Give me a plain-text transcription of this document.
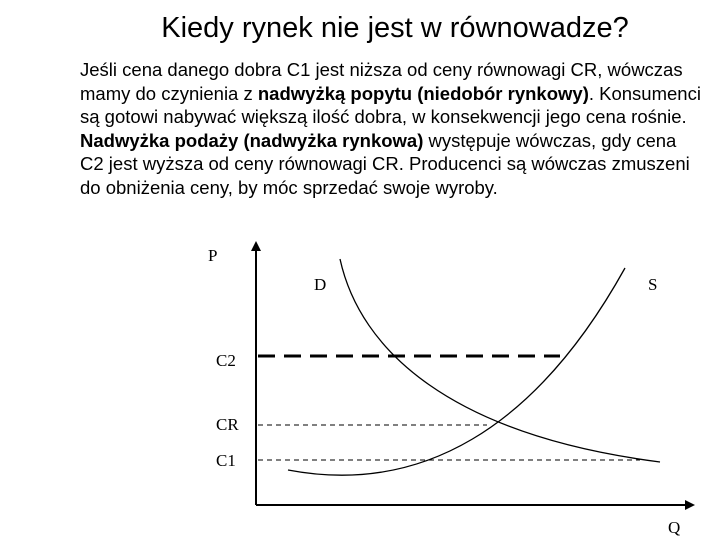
Kiedy rynek nie jest w równowadze?

Jeśli cena danego dobra C1 jest niższa od ceny równowagi CR, wówczas mamy do czynienia z nadwyżką popytu (niedobór rynkowy). Konsumenci są gotowi nabywać większą ilość dobra, w konsekwencji jego cena rośnie.

Nadwyżka podaży (nadwyżka rynkowa) występuje wówczas, gdy cena C2 jest wyższa od ceny równowagi CR. Producenci są wówczas zmuszeni do obniżenia ceny, by móc sprzedać swoje wyroby.

P
Q
D	S
C2
CR
C1
